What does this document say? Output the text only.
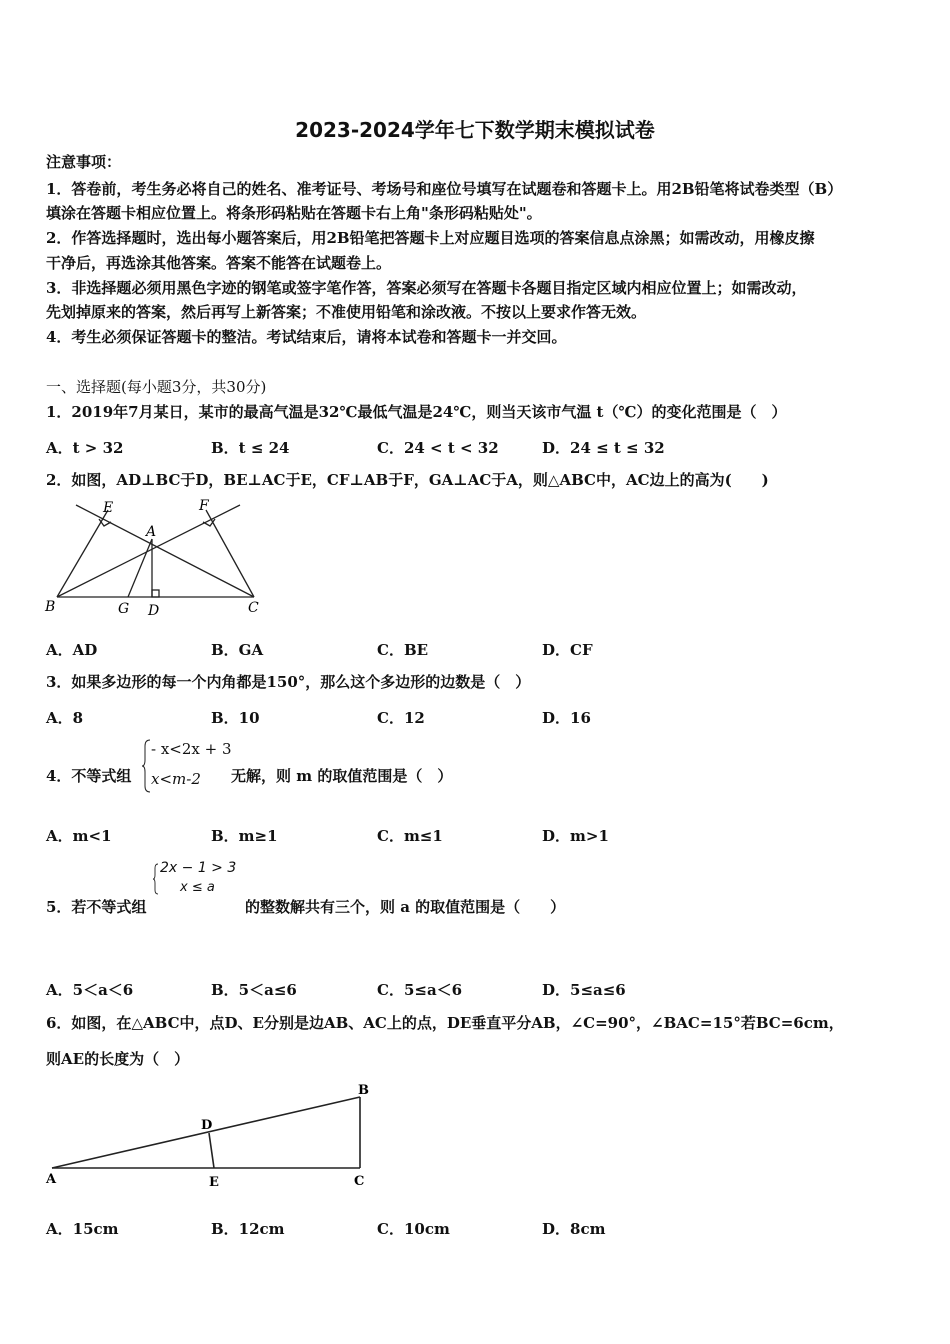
2023-2024学年七下数学期末模拟试卷
注意事项：
1．答卷前，考生务必将自己的姓名、准考证号、考场号和座位号填写在试题卷和答题卡上。用2B铅笔将试卷类型（B）
填涂在答题卡相应位置上。将条形码粘贴在答题卡右上角"条形码粘贴处"。
2．作答选择题时，选出每小题答案后，用2B铅笔把答题卡上对应题目选项的答案信息点涂黑；如需改动，用橡皮擦
干净后，再选涂其他答案。答案不能答在试题卷上。
3．非选择题必须用黑色字迹的钢笔或签字笔作答，答案必须写在答题卡各题目指定区域内相应位置上；如需改动，
先划掉原来的答案，然后再写上新答案；不准使用铅笔和涂改液。不按以上要求作答无效。
4．考生必须保证答题卡的整洁。考试结束后，请将本试卷和答题卡一并交回。
一、选择题(每小题3分，共30分)
1．2019年7月某日，某市的最高气温是32℃最低气温是24℃，则当天该市气温 t（℃）的变化范围是（　）
A．t > 32	B．t ≤ 24	C．24 < t < 32	D．24 ≤ t ≤ 32
2．如图，AD⊥BC于D，BE⊥AC于E，CF⊥AB于F，GA⊥AC于A，则△ABC中，AC边上的高为(　　)
E	F
A
B	G D	C
A．AD	B．GA	C．BE	D．CF
3．如果多边形的每一个内角都是150°，那么这个多边形的边数是（　）
A．8	B．10	C．12	D．16
4．不等式组
- x<2x + 3
x<m-2 无解，则 m 的取值范围是（　）
A．m<1	B．m≥1	C．m≤1	D．m>1
5．若不等式组
2x − 1 > 3
x ≤ a
的整数解共有三个，则 a 的取值范围是（　　）
A．5＜a＜6	B．5＜a≤6	C．5≤a＜6	D．5≤a≤6
6．如图，在△ABC中，点D、E分别是边AB、AC上的点，DE垂直平分AB，∠C=90°，∠BAC=15°若BC=6cm，
则AE的长度为（　）
B
D
A	E	C
A．15cm	B．12cm	C．10cm	D．8cm
